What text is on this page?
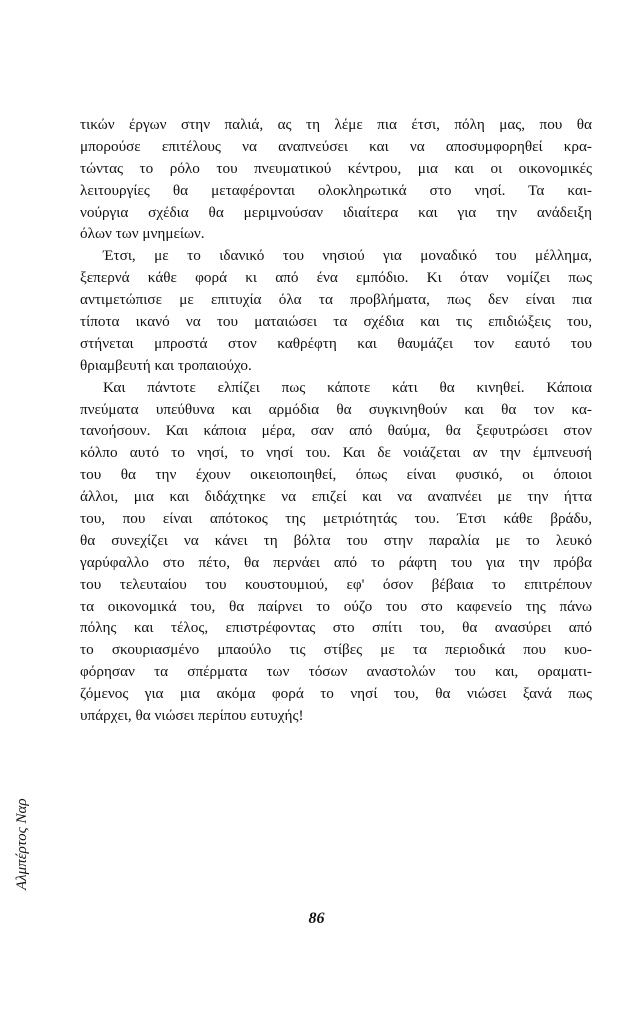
τικών έργων στην παλιά, ας τη λέμε πια έτσι, πόλη μας, που θα
μπορούσε επιτέλους να αναπνεύσει και να αποσυμφορηθεί κρα-
τώντας το ρόλο του πνευματικού κέντρου, μια και οι οικονομικές
λειτουργίες θα μεταφέρονται ολοκληρωτικά στο νησί. Τα και-
νούργια σχέδια θα μεριμνούσαν ιδιαίτερα και για την ανάδειξη
όλων των μνημείων.
Έτσι, με το ιδανικό του νησιού για μοναδικό του μέλλημα,
ξεπερνά κάθε φορά κι από ένα εμπόδιο. Κι όταν νομίζει πως
αντιμετώπισε με επιτυχία όλα τα προβλήματα, πως δεν είναι πια
τίποτα ικανό να του ματαιώσει τα σχέδια και τις επιδιώξεις του,
στήνεται μπροστά στον καθρέφτη και θαυμάζει τον εαυτό του
θριαμβευτή και τροπαιούχο.
Και πάντοτε ελπίζει πως κάποτε κάτι θα κινηθεί. Κάποια
πνεύματα υπεύθυνα και αρμόδια θα συγκινηθούν και θα τον κα-
τανοήσουν. Και κάποια μέρα, σαν από θαύμα, θα ξεφυτρώσει στον
κόλπο αυτό το νησί, το νησί του. Και δε νοιάζεται αν την έμπνευσή
του θα την έχουν οικειοποιηθεί, όπως είναι φυσικό, οι όποιοι
άλλοι, μια και διδάχτηκε να επιζεί και να αναπνέει με την ήττα
του, που είναι απότοκος της μετριότητάς του. Έτσι κάθε βράδυ,
θα συνεχίζει να κάνει τη βόλτα του στην παραλία με το λευκό
γαρύφαλλο στο πέτο, θα περνάει από το ράφτη του για την πρόβα
του τελευταίου του κουστουμιού, εφ' όσον βέβαια το επιτρέπουν
τα οικονομικά του, θα παίρνει το ούζο του στο καφενείο της πάνω
πόλης και τέλος, επιστρέφοντας στο σπίτι του, θα ανασύρει από
το σκουριασμένο μπαούλο τις στίβες με τα περιοδικά που κυο-
φόρησαν τα σπέρματα των τόσων αναστολών του και, οραματι-
ζόμενος για μια ακόμα φορά το νησί του, θα νιώσει ξανά πως
υπάρχει, θα νιώσει περίπου ευτυχής!
Αλμπέρτος Ναρ
86
